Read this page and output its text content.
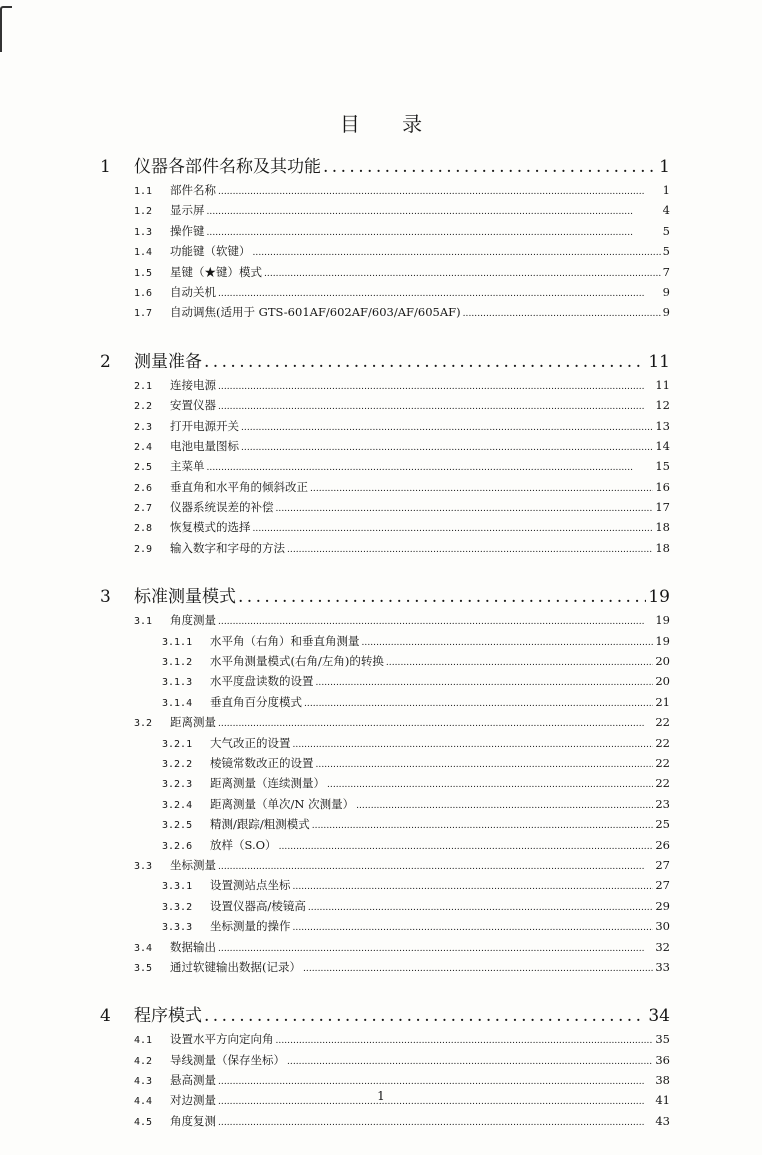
目 录
1	仪器各部件名称及其功能 . . .	1
1.1	部件名称 . . .	1
1.2	显示屏 . . .	4
1.3	操作键 . . .	5
1.4	功能键（软键） . . .	5
1.5	星键（★键）模式 . . .	7
1.6	自动关机 . . .	9
1.7	自动调焦(适用于 GTS-601AF/602AF/603/AF/605AF) . . .	9
2	测量准备 . . .	11
2.1	连接电源 . . .	11
2.2	安置仪器 . . .	12
2.3	打开电源开关 . . .	13
2.4	电池电量图标 . . .	14
2.5	主菜单 . . .	15
2.6	垂直角和水平角的倾斜改正 . . .	16
2.7	仪器系统误差的补偿 . . .	17
2.8	恢复模式的选择 . . .	18
2.9	输入数字和字母的方法 . . .	18
3	标准测量模式 . . .	19
3.1	角度测量 . . .	19
3.1.1	水平角（右角）和垂直角测量 . . .	19
3.1.2	水平角测量模式(右角/左角)的转换 . . .	20
3.1.3	水平度盘读数的设置 . . .	20
3.1.4	垂直角百分度模式 . . .	21
3.2	距离测量 . . .	22
3.2.1	大气改正的设置 . . .	22
3.2.2	棱镜常数改正的设置 . . .	22
3.2.3	距离测量（连续测量） . . .	22
3.2.4	距离测量（单次/N 次测量） . . .	23
3.2.5	精测/跟踪/粗测模式 . . .	25
3.2.6	放样（S.O） . . .	26
3.3	坐标测量 . . .	27
3.3.1	设置测站点坐标 . . .	27
3.3.2	设置仪器高/棱镜高 . . .	29
3.3.3	坐标测量的操作 . . .	30
3.4	数据输出 . . .	32
3.5	通过软键输出数据(记录） . . .	33
4	程序模式 . . .	34
4.1	设置水平方向定向角 . . .	35
4.2	导线测量（保存坐标） . . .	36
4.3	悬高测量 . . .	38
4.4	对边测量 . . .	41
4.5	角度复测 . . .	43
1
